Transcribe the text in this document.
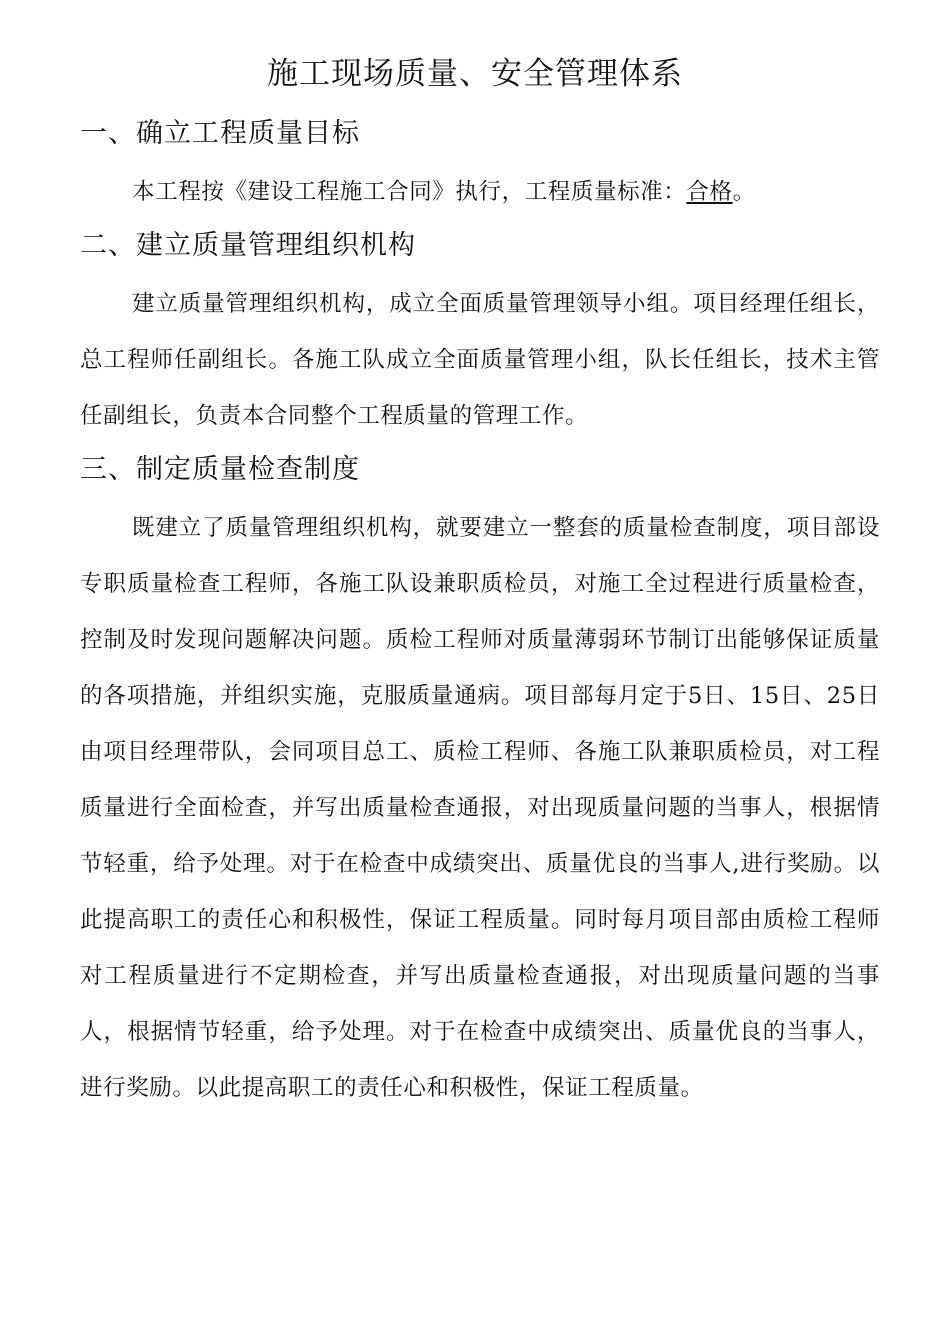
施工现场质量、安全管理体系
一、确立工程质量目标
本工程按《建设工程施工合同》执行，工程质量标准：合格。
二、建立质量管理组织机构
建立质量管理组织机构，成立全面质量管理领导小组。项目经理任组长，总工程师任副组长。各施工队成立全面质量管理小组，队长任组长，技术主管任副组长，负责本合同整个工程质量的管理工作。
三、制定质量检查制度
既建立了质量管理组织机构，就要建立一整套的质量检查制度，项目部设专职质量检查工程师，各施工队设兼职质检员，对施工全过程进行质量检查，控制及时发现问题解决问题。质检工程师对质量薄弱环节制订出能够保证质量的各项措施，并组织实施，克服质量通病。项目部每月定于5日、15日、25日由项目经理带队，会同项目总工、质检工程师、各施工队兼职质检员，对工程质量进行全面检查，并写出质量检查通报，对出现质量问题的当事人，根据情节轻重，给予处理。对于在检查中成绩突出、质量优良的当事人,进行奖励。以此提高职工的责任心和积极性，保证工程质量。同时每月项目部由质检工程师对工程质量进行不定期检查，并写出质量检查通报，对出现质量问题的当事人，根据情节轻重，给予处理。对于在检查中成绩突出、质量优良的当事人，进行奖励。以此提高职工的责任心和积极性，保证工程质量。
